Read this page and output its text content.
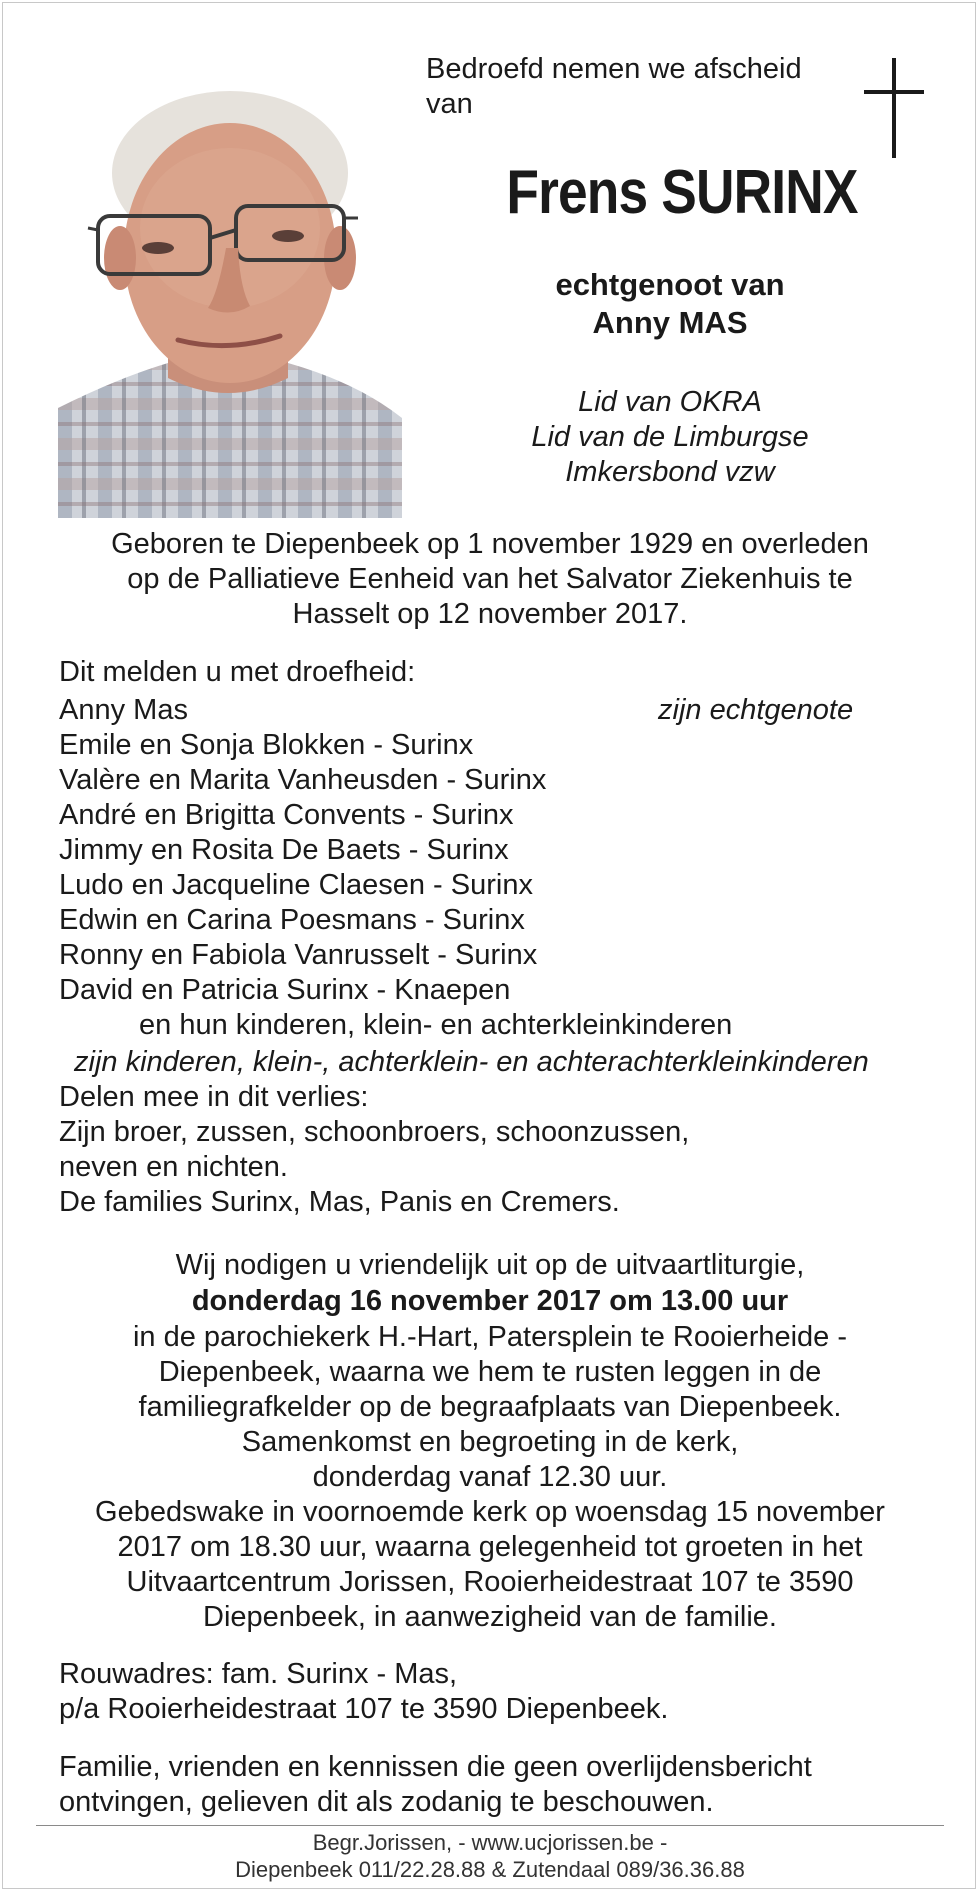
Bedroefd nemen we afscheid
van
Frens SURINX
echtgenoot van
Anny MAS
Lid van OKRA
Lid van de Limburgse
Imkersbond vzw
Geboren te Diepenbeek op 1 november 1929 en overleden
op de Palliatieve Eenheid van het Salvator Ziekenhuis te
Hasselt op 12 november 2017.
Dit melden u met droefheid:
Anny Mas	zijn echtgenote
Emile en Sonja Blokken - Surinx
Valère en Marita Vanheusden - Surinx
André en Brigitta Convents - Surinx
Jimmy en Rosita De Baets - Surinx
Ludo en Jacqueline Claesen - Surinx
Edwin en Carina Poesmans - Surinx
Ronny en Fabiola Vanrusselt - Surinx
David en Patricia Surinx - Knaepen
en hun kinderen, klein- en achterkleinkinderen
zijn kinderen, klein-, achterklein- en achterachterkleinkinderen
Delen mee in dit verlies:
Zijn broer, zussen, schoonbroers, schoonzussen,
neven en nichten.
De families Surinx, Mas, Panis en Cremers.
Wij nodigen u vriendelijk uit op de uitvaartliturgie,
donderdag 16 november 2017 om 13.00 uur
in de parochiekerk H.-Hart, Patersplein te Rooierheide -
Diepenbeek, waarna we hem te rusten leggen in de
familiegrafkelder op de begraafplaats van Diepenbeek.
Samenkomst en begroeting in de kerk,
donderdag vanaf 12.30 uur.
Gebedswake in voornoemde kerk op woensdag 15 november
2017 om 18.30 uur, waarna gelegenheid tot groeten in het
Uitvaartcentrum Jorissen, Rooierheidestraat 107 te 3590
Diepenbeek, in aanwezigheid van de familie.
Rouwadres: fam. Surinx - Mas,
p/a Rooierheidestraat 107 te 3590 Diepenbeek.
Familie, vrienden en kennissen die geen overlijdensbericht
ontvingen, gelieven dit als zodanig te beschouwen.
Begr.Jorissen, - www.ucjorissen.be -
Diepenbeek 011/22.28.88 & Zutendaal 089/36.36.88
